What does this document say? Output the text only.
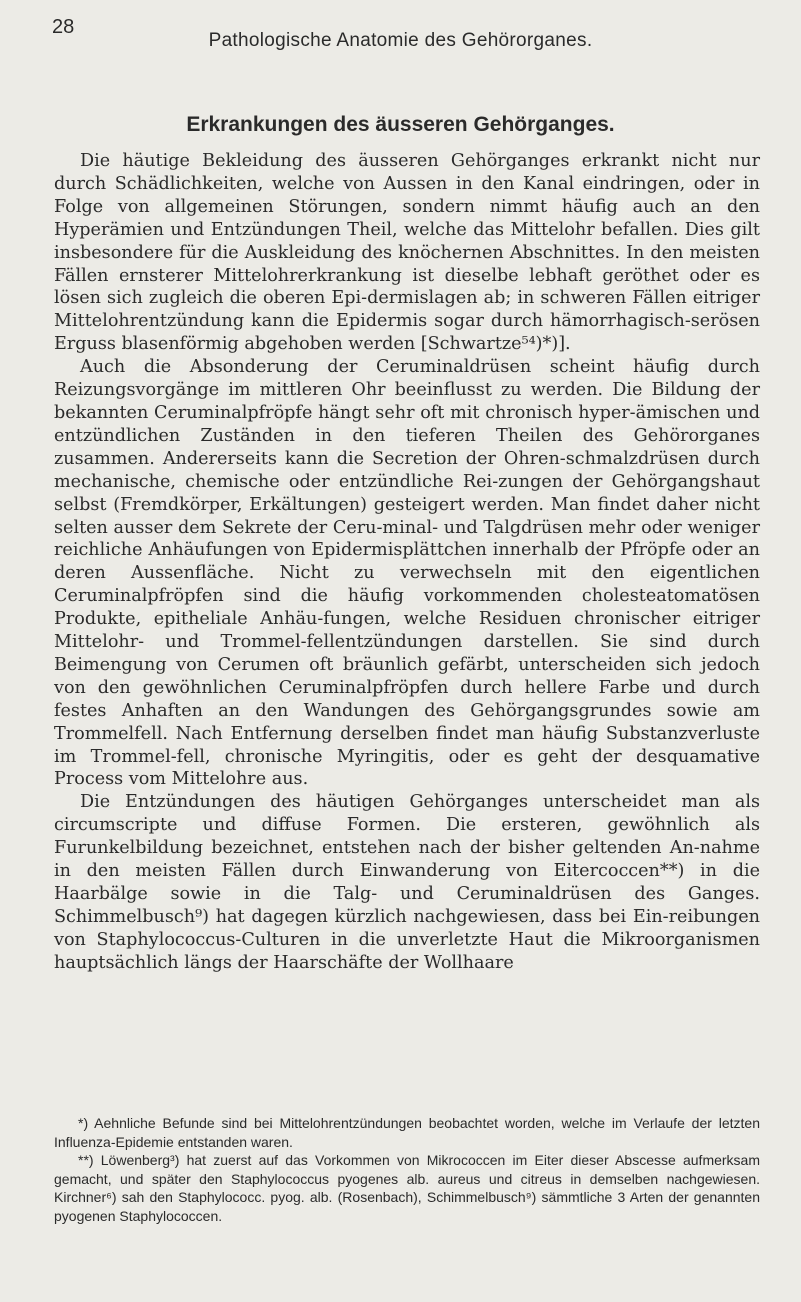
28
Pathologische Anatomie des Gehörorganes.
Erkrankungen des äusseren Gehörganges.

Die häutige Bekleidung des äusseren Gehörganges erkrankt nicht nur durch Schädlichkeiten, welche von Aussen in den Kanal eindringen, oder in Folge von allgemeinen Störungen, sondern nimmt häufig auch an den Hyperämien und Entzündungen Theil, welche das Mittelohr befallen. Dies gilt insbesondere für die Auskleidung des knöchernen Abschnittes. In den meisten Fällen ernsterer Mittelohrerkrankung ist dieselbe lebhaft geröthet oder es lösen sich zugleich die oberen Epi-dermislagen ab; in schweren Fällen eitriger Mittelohrentzündung kann die Epidermis sogar durch hämorrhagisch-serösen Erguss blasenförmig abgehoben werden [Schwartze⁵⁴)*)].

Auch die Absonderung der Ceruminaldrüsen scheint häufig durch Reizungsvorgänge im mittleren Ohr beeinflusst zu werden. Die Bildung der bekannten Ceruminalpfröpfe hängt sehr oft mit chronisch hyper-ämischen und entzündlichen Zuständen in den tieferen Theilen des Gehörorganes zusammen. Andererseits kann die Secretion der Ohren-schmalzdrüsen durch mechanische, chemische oder entzündliche Rei-zungen der Gehörgangshaut selbst (Fremdkörper, Erkältungen) gesteigert werden. Man findet daher nicht selten ausser dem Sekrete der Ceru-minal- und Talgdrüsen mehr oder weniger reichliche Anhäufungen von Epidermisplättchen innerhalb der Pfröpfe oder an deren Aussenfläche. Nicht zu verwechseln mit den eigentlichen Ceruminalpfröpfen sind die häufig vorkommenden cholesteatomatösen Produkte, epitheliale Anhäu-fungen, welche Residuen chronischer eitriger Mittelohr- und Trommel-fellentzündungen darstellen. Sie sind durch Beimengung von Cerumen oft bräunlich gefärbt, unterscheiden sich jedoch von den gewöhnlichen Ceruminalpfröpfen durch hellere Farbe und durch festes Anhaften an den Wandungen des Gehörgangsgrundes sowie am Trommelfell. Nach Entfernung derselben findet man häufig Substanzverluste im Trommel-fell, chronische Myringitis, oder es geht der desquamative Process vom Mittelohre aus.

Die Entzündungen des häutigen Gehörganges unterscheidet man als circumscripte und diffuse Formen. Die ersteren, gewöhnlich als Furunkelbildung bezeichnet, entstehen nach der bisher geltenden An-nahme in den meisten Fällen durch Einwanderung von Eitercoccen**) in die Haarbälge sowie in die Talg- und Ceruminaldrüsen des Ganges. Schimmelbusch⁹) hat dagegen kürzlich nachgewiesen, dass bei Ein-reibungen von Staphylococcus-Culturen in die unverletzte Haut die Mikroorganismen hauptsächlich längs der Haarschäfte der Wollhaare

*) Aehnliche Befunde sind bei Mittelohrentzündungen beobachtet worden, welche im Verlaufe der letzten Influenza-Epidemie entstanden waren.

**) Löwenberg³) hat zuerst auf das Vorkommen von Mikrococcen im Eiter dieser Abscesse aufmerksam gemacht, und später den Staphylococcus pyogenes alb. aureus und citreus in demselben nachgewiesen. Kirchner⁶) sah den Staphylococc. pyog. alb. (Rosenbach), Schimmelbusch⁹) sämmtliche 3 Arten der genannten pyogenen Staphylococcen.
